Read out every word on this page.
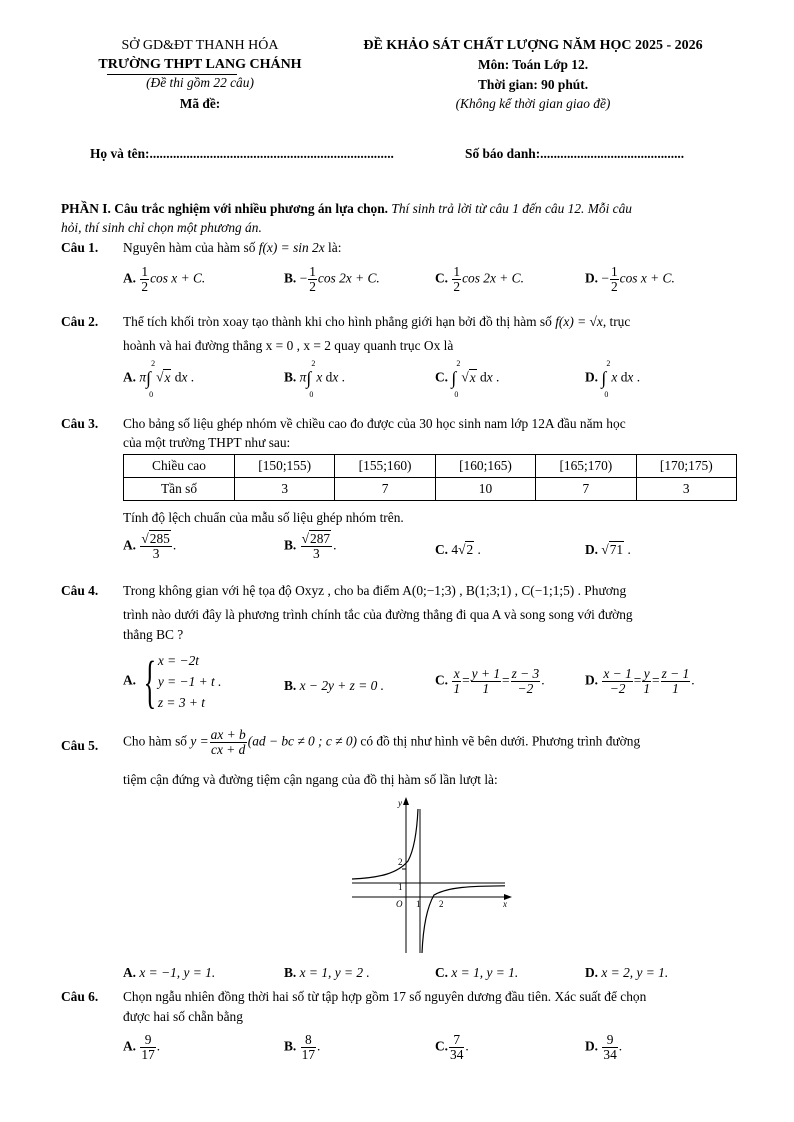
SỞ GD&ĐT THANH HÓA
TRƯỜNG THPT LANG CHÁNH
(Đề thi gồm 22 câu)
Mã đề:
ĐỀ KHẢO SÁT CHẤT LƯỢNG NĂM HỌC 2025 - 2026
Môn: Toán Lớp 12.
Thời gian: 90 phút.
(Không kể thời gian giao đề)
Họ và tên:.........................................................................	Số báo danh:...........................................
PHẦN I. Câu trắc nghiệm với nhiều phương án lựa chọn. Thí sinh trả lời từ câu 1 đến câu 12. Mỗi câu
hỏi, thí sinh chỉ chọn một phương án.
Câu 1. Nguyên hàm của hàm số f(x) = sin 2x là:
A. $\frac{1}{2}$ cos x + C.	B. − $\frac{1}{2}$ cos 2x + C.	C. $\frac{1}{2}$ cos 2x + C.	D. − $\frac{1}{2}$ cos x + C.
Câu 2. Thể tích khối tròn xoay tạo thành khi cho hình phẳng giới hạn bởi đồ thị hàm số f(x) = √x, trục
hoành và hai đường thẳng x = 0 , x = 2 quay quanh trục Ox là
A. π∫
2
0
√x dx .	B. π∫
2
0
x dx .	C. ∫
2
0
√x dx .	D. ∫
2
0
x dx .
Câu 3. Cho bảng số liệu ghép nhóm về chiều cao đo được của 30 học sinh nam lớp 12A đầu năm học
của một trường THPT như sau:
Chiều cao	[150;155)	[155;160)	[160;165)	[165;170)	[170;175)
Tần số	3	7	10	7	3
Tính độ lệch chuẩn của mẫu số liệu ghép nhóm trên.
A. $\frac{√285}{3}$ .	B. $\frac{√287}{3}$ .	C. 4√2 .	D. √71 .
Câu 4. Trong không gian với hệ tọa độ Oxyz , cho ba điểm A(0;−1;3) , B(1;3;1) , C(−1;1;5) . Phương
trình nào dưới đây là phương trình chính tắc của đường thẳng đi qua A và song song với đường
thẳng BC ?
A. { x = −2t
y = −1 + t .
z = 3 + t
B. x − 2y + z = 0 .	C. $\frac{x}{1} = \frac{y + 1}{1} = \frac{z - 3}{-2}$ .	D. $\frac{x - 1}{-2} = \frac{y}{1} = \frac{z - 1}{1}$ .
Câu 5. Cho hàm số $y = \frac{ax + b}{cx + d} (ad$ − bc ≠ 0 ; c ≠ 0) có đồ thị như hình vẽ bên dưới. Phương trình đường
tiệm cận đứng và đường tiệm cận ngang của đồ thị hàm số lần lượt là:
y
x
O 1 2
1
2
A. x = −1, y = 1.	B. x = 1, y = 2 .	C. x = 1, y = 1.	D. x = 2, y = 1.
Câu 6. Chọn ngẫu nhiên đồng thời hai số từ tập hợp gồm 17 số nguyên dương đầu tiên. Xác suất để chọn
được hai số chẵn bằng
A. $\frac{9}{17}$ .	B. $\frac{8}{17}$ .	C. $\frac{7}{34}$ .	D. $\frac{9}{34}$ .
